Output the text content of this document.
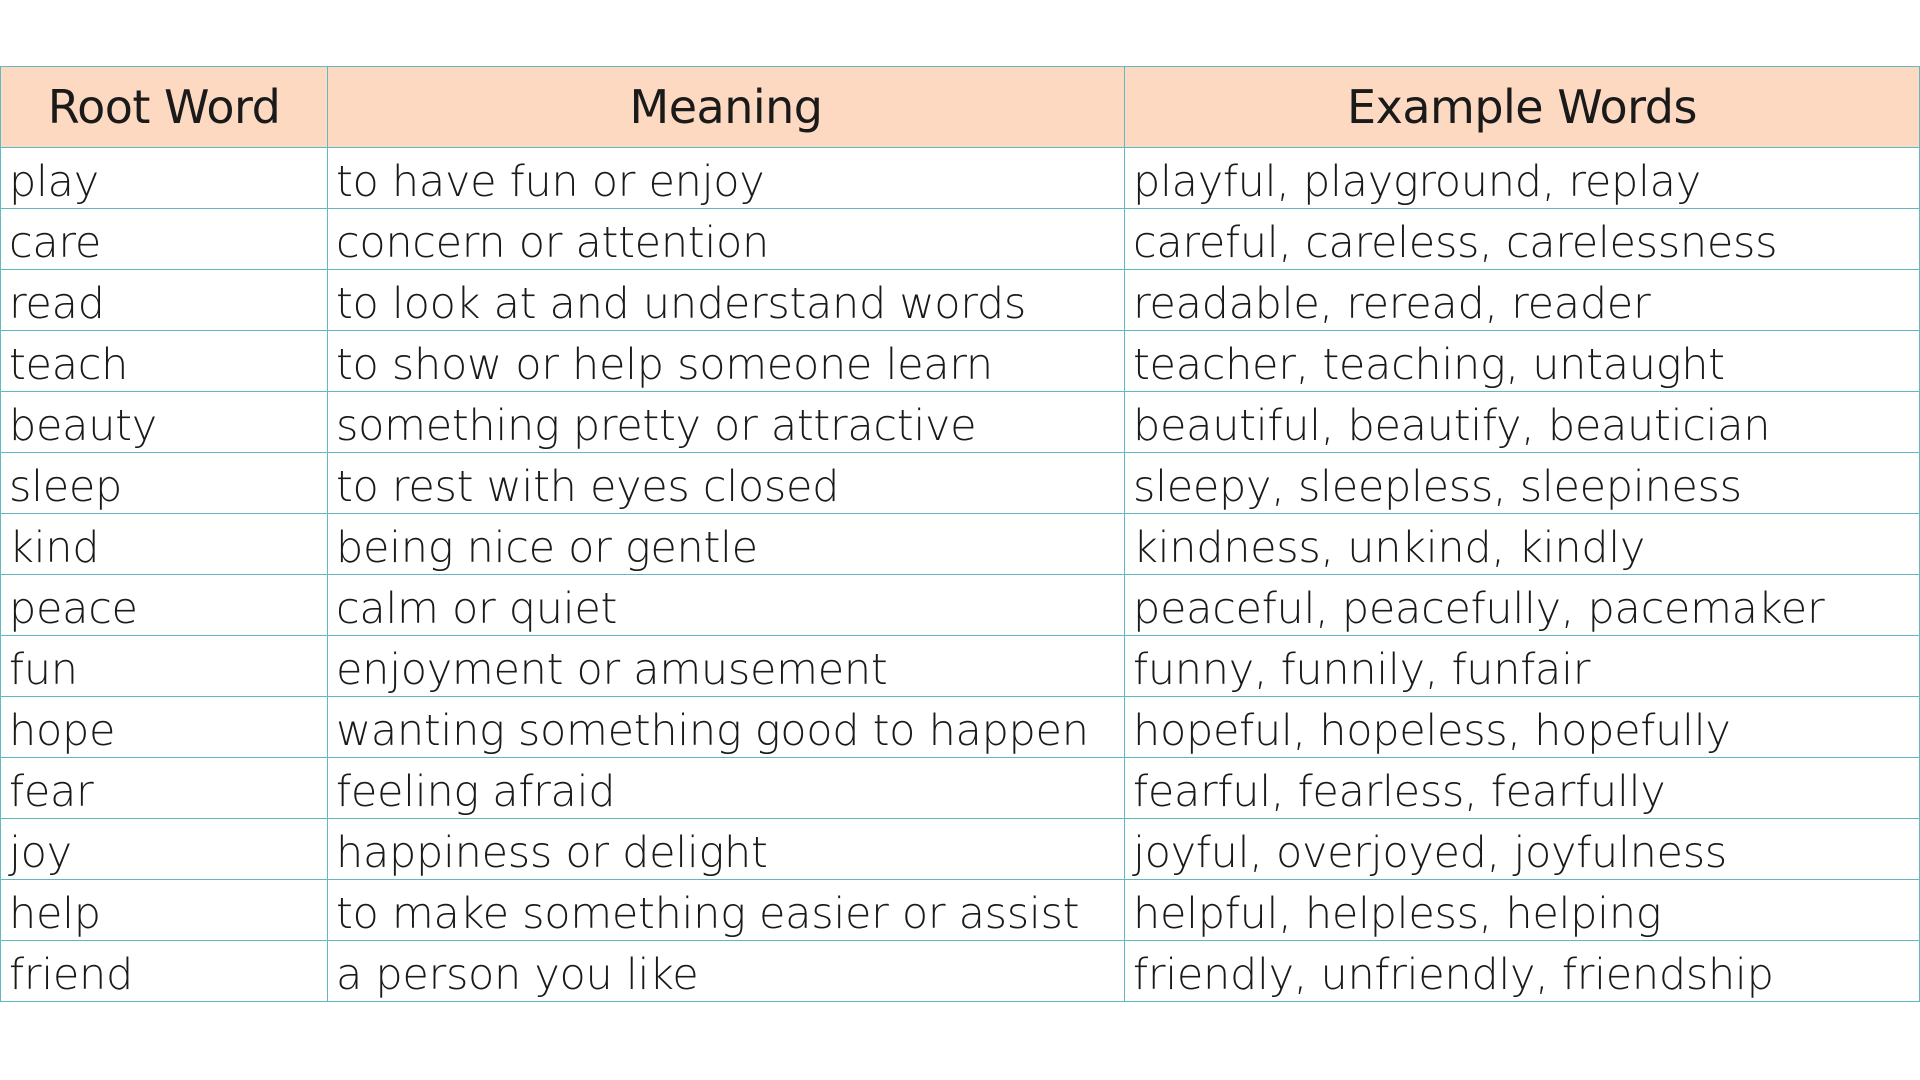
Root Word	Meaning	Example Words
play	to have fun or enjoy	playful, playground, replay
care	concern or attention	careful, careless, carelessness
read	to look at and understand words	readable, reread, reader
teach	to show or help someone learn	teacher, teaching, untaught
beauty	something pretty or attractive	beautiful, beautify, beautician
sleep	to rest with eyes closed	sleepy, sleepless, sleepiness
kind	being nice or gentle	kindness, unkind, kindly
peace	calm or quiet	peaceful, peacefully, pacemaker
fun	enjoyment or amusement	funny, funnily, funfair
hope	wanting something good to happen	hopeful, hopeless, hopefully
fear	feeling afraid	fearful, fearless, fearfully
joy	happiness or delight	joyful, overjoyed, joyfulness
help	to make something easier or assist	helpful, helpless, helping
friend	a person you like	friendly, unfriendly, friendship
